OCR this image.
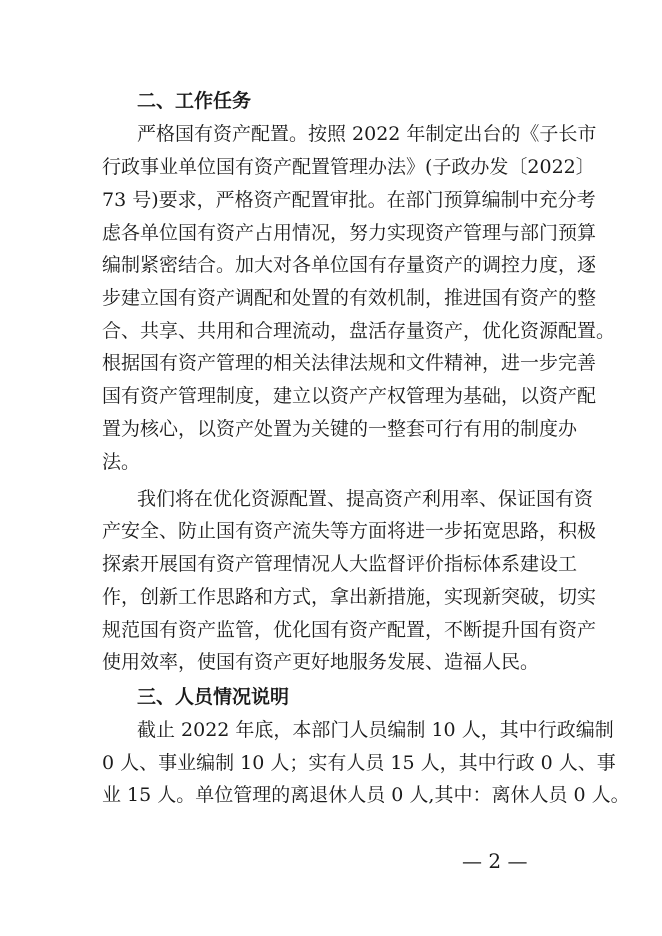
二、工作任务
严格国有资产配置。按照 2022 年制定出台的《子长市
行政事业单位国有资产配置管理办法》(子政办发〔2022〕
73 号)要求，严格资产配置审批。在部门预算编制中充分考
虑各单位国有资产占用情况，努力实现资产管理与部门预算
编制紧密结合。加大对各单位国有存量资产的调控力度，逐
步建立国有资产调配和处置的有效机制，推进国有资产的整
合、共享、共用和合理流动，盘活存量资产，优化资源配置。
根据国有资产管理的相关法律法规和文件精神，进一步完善
国有资产管理制度，建立以资产产权管理为基础，以资产配
置为核心，以资产处置为关键的一整套可行有用的制度办
法。
我们将在优化资源配置、提高资产利用率、保证国有资
产安全、防止国有资产流失等方面将进一步拓宽思路，积极
探索开展国有资产管理情况人大监督评价指标体系建设工
作，创新工作思路和方式，拿出新措施，实现新突破，切实
规范国有资产监管，优化国有资产配置，不断提升国有资产
使用效率，使国有资产更好地服务发展、造福人民。
三、人员情况说明
截止 2022 年底，本部门人员编制 10 人，其中行政编制
0 人、事业编制 10 人；实有人员 15 人，其中行政 0 人、事
业 15 人。单位管理的离退休人员 0 人,其中：离休人员 0 人。
— 2 —
